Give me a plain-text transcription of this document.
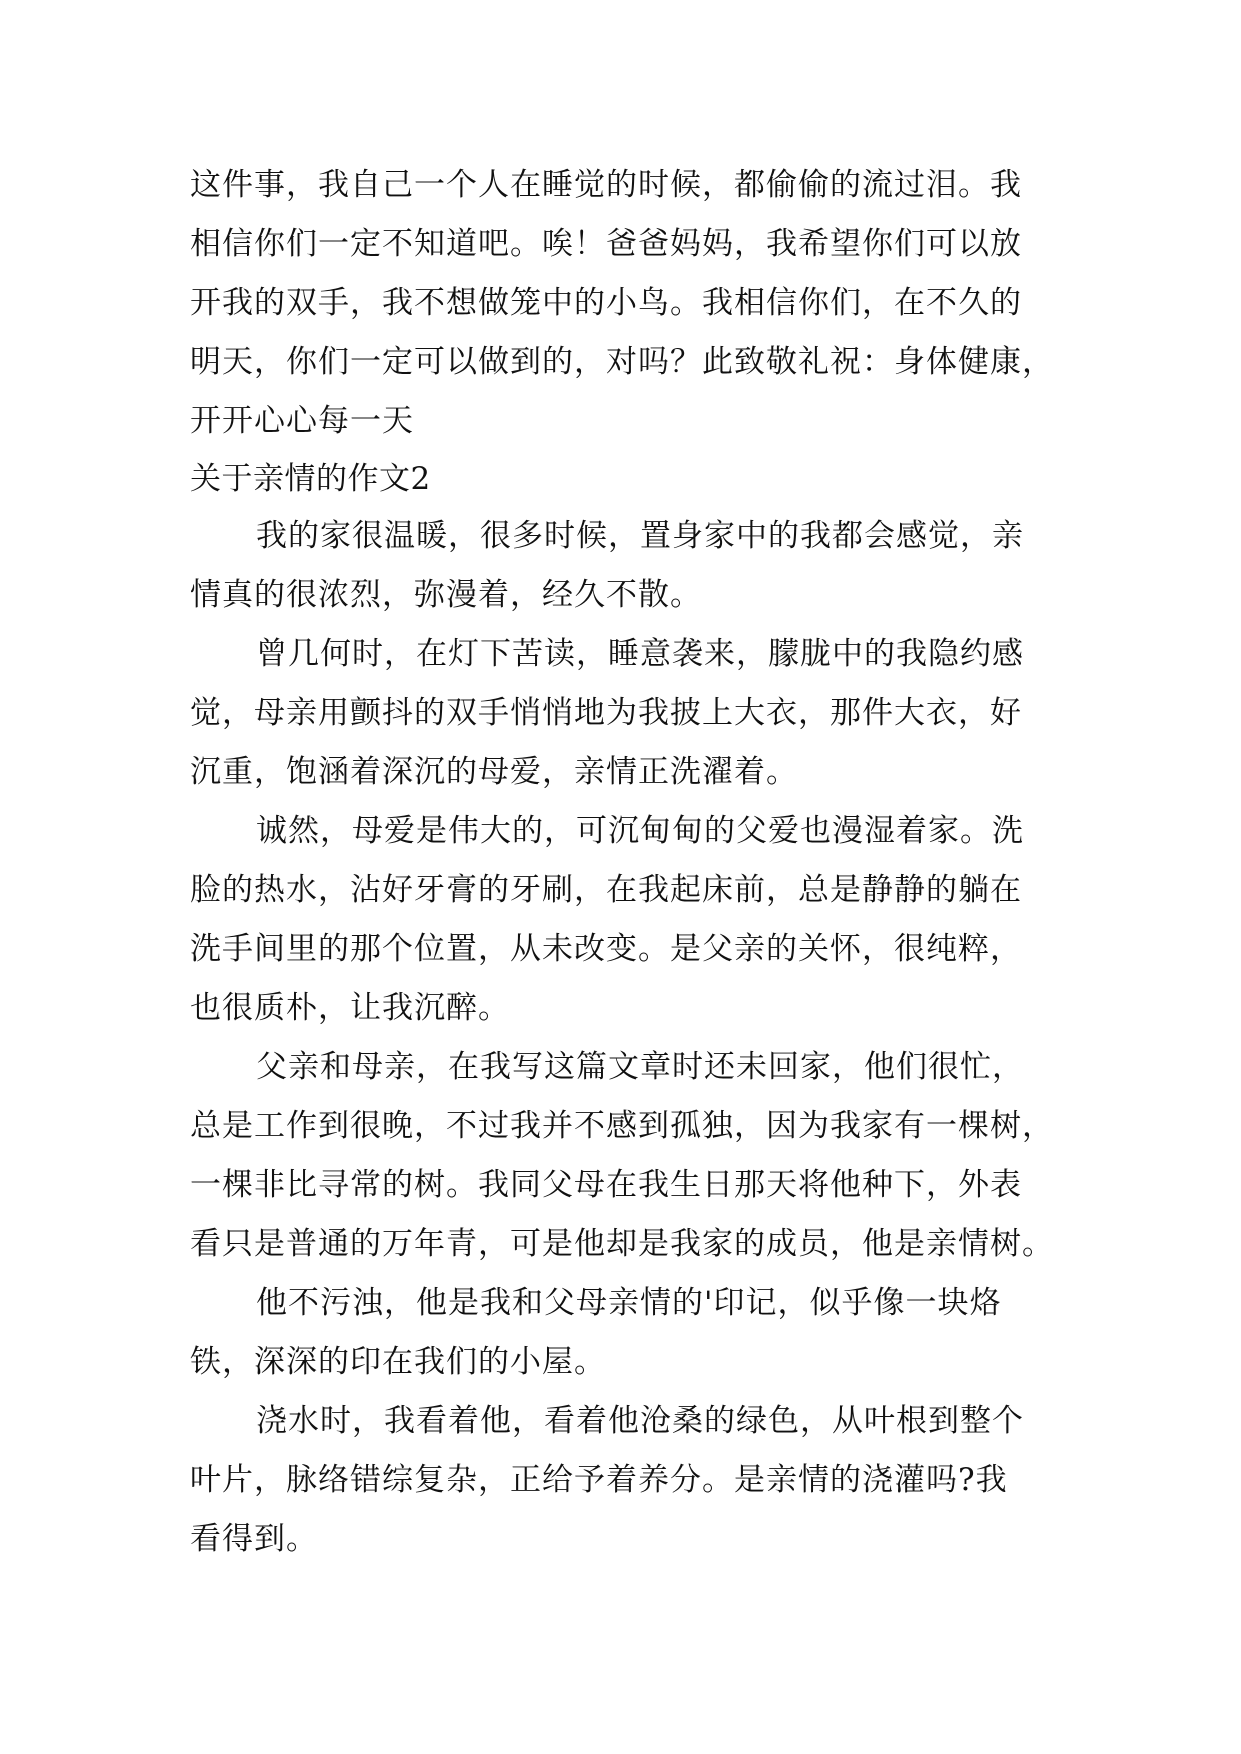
这件事，我自己一个人在睡觉的时候，都偷偷的流过泪。我
相信你们一定不知道吧。唉！爸爸妈妈，我希望你们可以放
开我的双手，我不想做笼中的小鸟。我相信你们，在不久的
明天，你们一定可以做到的，对吗？此致敬礼祝：身体健康，
开开心心每一天
关于亲情的作文2
我的家很温暖，很多时候，置身家中的我都会感觉，亲
情真的很浓烈，弥漫着，经久不散。
曾几何时，在灯下苦读，睡意袭来，朦胧中的我隐约感
觉，母亲用颤抖的双手悄悄地为我披上大衣，那件大衣，好
沉重，饱涵着深沉的母爱，亲情正洗濯着。
诚然，母爱是伟大的，可沉甸甸的父爱也漫湿着家。洗
脸的热水，沾好牙膏的牙刷，在我起床前，总是静静的躺在
洗手间里的那个位置，从未改变。是父亲的关怀，很纯粹，
也很质朴，让我沉醉。
父亲和母亲，在我写这篇文章时还未回家，他们很忙，
总是工作到很晚，不过我并不感到孤独，因为我家有一棵树，
一棵非比寻常的树。我同父母在我生日那天将他种下，外表
看只是普通的万年青，可是他却是我家的成员，他是亲情树。
他不污浊，他是我和父母亲情的'印记，似乎像一块烙
铁，深深的印在我们的小屋。
浇水时，我看着他，看着他沧桑的绿色，从叶根到整个
叶片，脉络错综复杂，正给予着养分。是亲情的浇灌吗?我
看得到。
